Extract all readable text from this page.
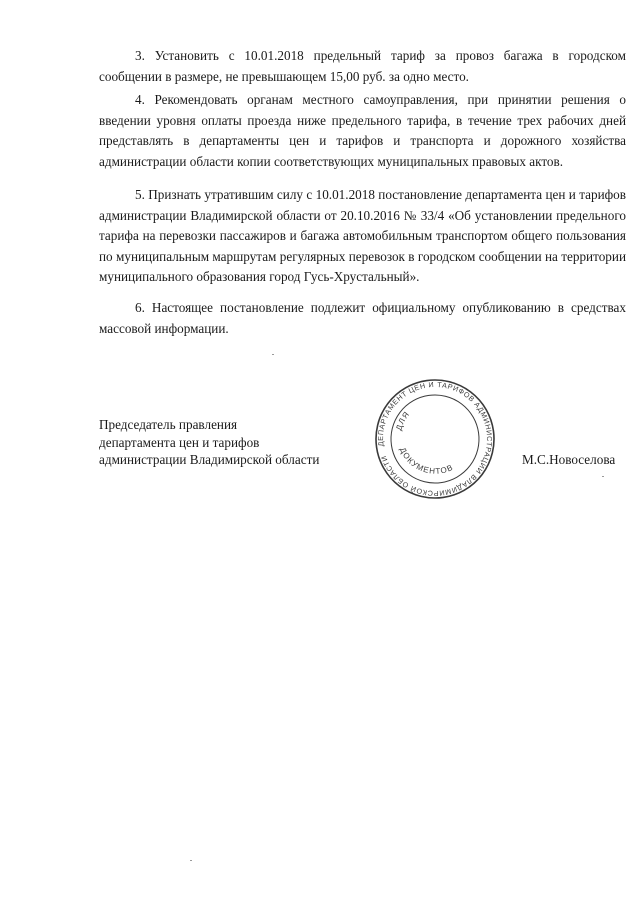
3. Установить с 10.01.2018 предельный тариф за провоз багажа в городском сообщении в размере, не превышающем 15,00 руб. за одно место.

4. Рекомендовать органам местного самоуправления, при принятии решения о введении уровня оплаты проезда ниже предельного тарифа, в течение трех рабочих дней представлять в департаменты цен и тарифов и транспорта и дорожного хозяйства администрации области копии соответствующих муниципальных правовых актов.

5. Признать утратившим силу с 10.01.2018 постановление департамента цен и тарифов администрации Владимирской области от 20.10.2016 № 33/4 «Об установлении предельного тарифа на перевозки пассажиров и багажа автомобильным транспортом общего пользования по муниципальным маршрутам регулярных перевозок в городском сообщении на территории муниципального образования город Гусь-Хрустальный».

6. Настоящее постановление подлежит официальному опубликованию в средствах массовой информации.

Председатель правления
департамента цен и тарифов
администрации Владимирской области
ДЕПАРТАМЕНТ ЦЕН И ТАРИФОВ АДМИНИСТРАЦИИ ВЛАДИМИРСКОЙ ОБЛАСТИ
ДЛЯ
ДОКУМЕНТОВ
М.С.Новоселова
